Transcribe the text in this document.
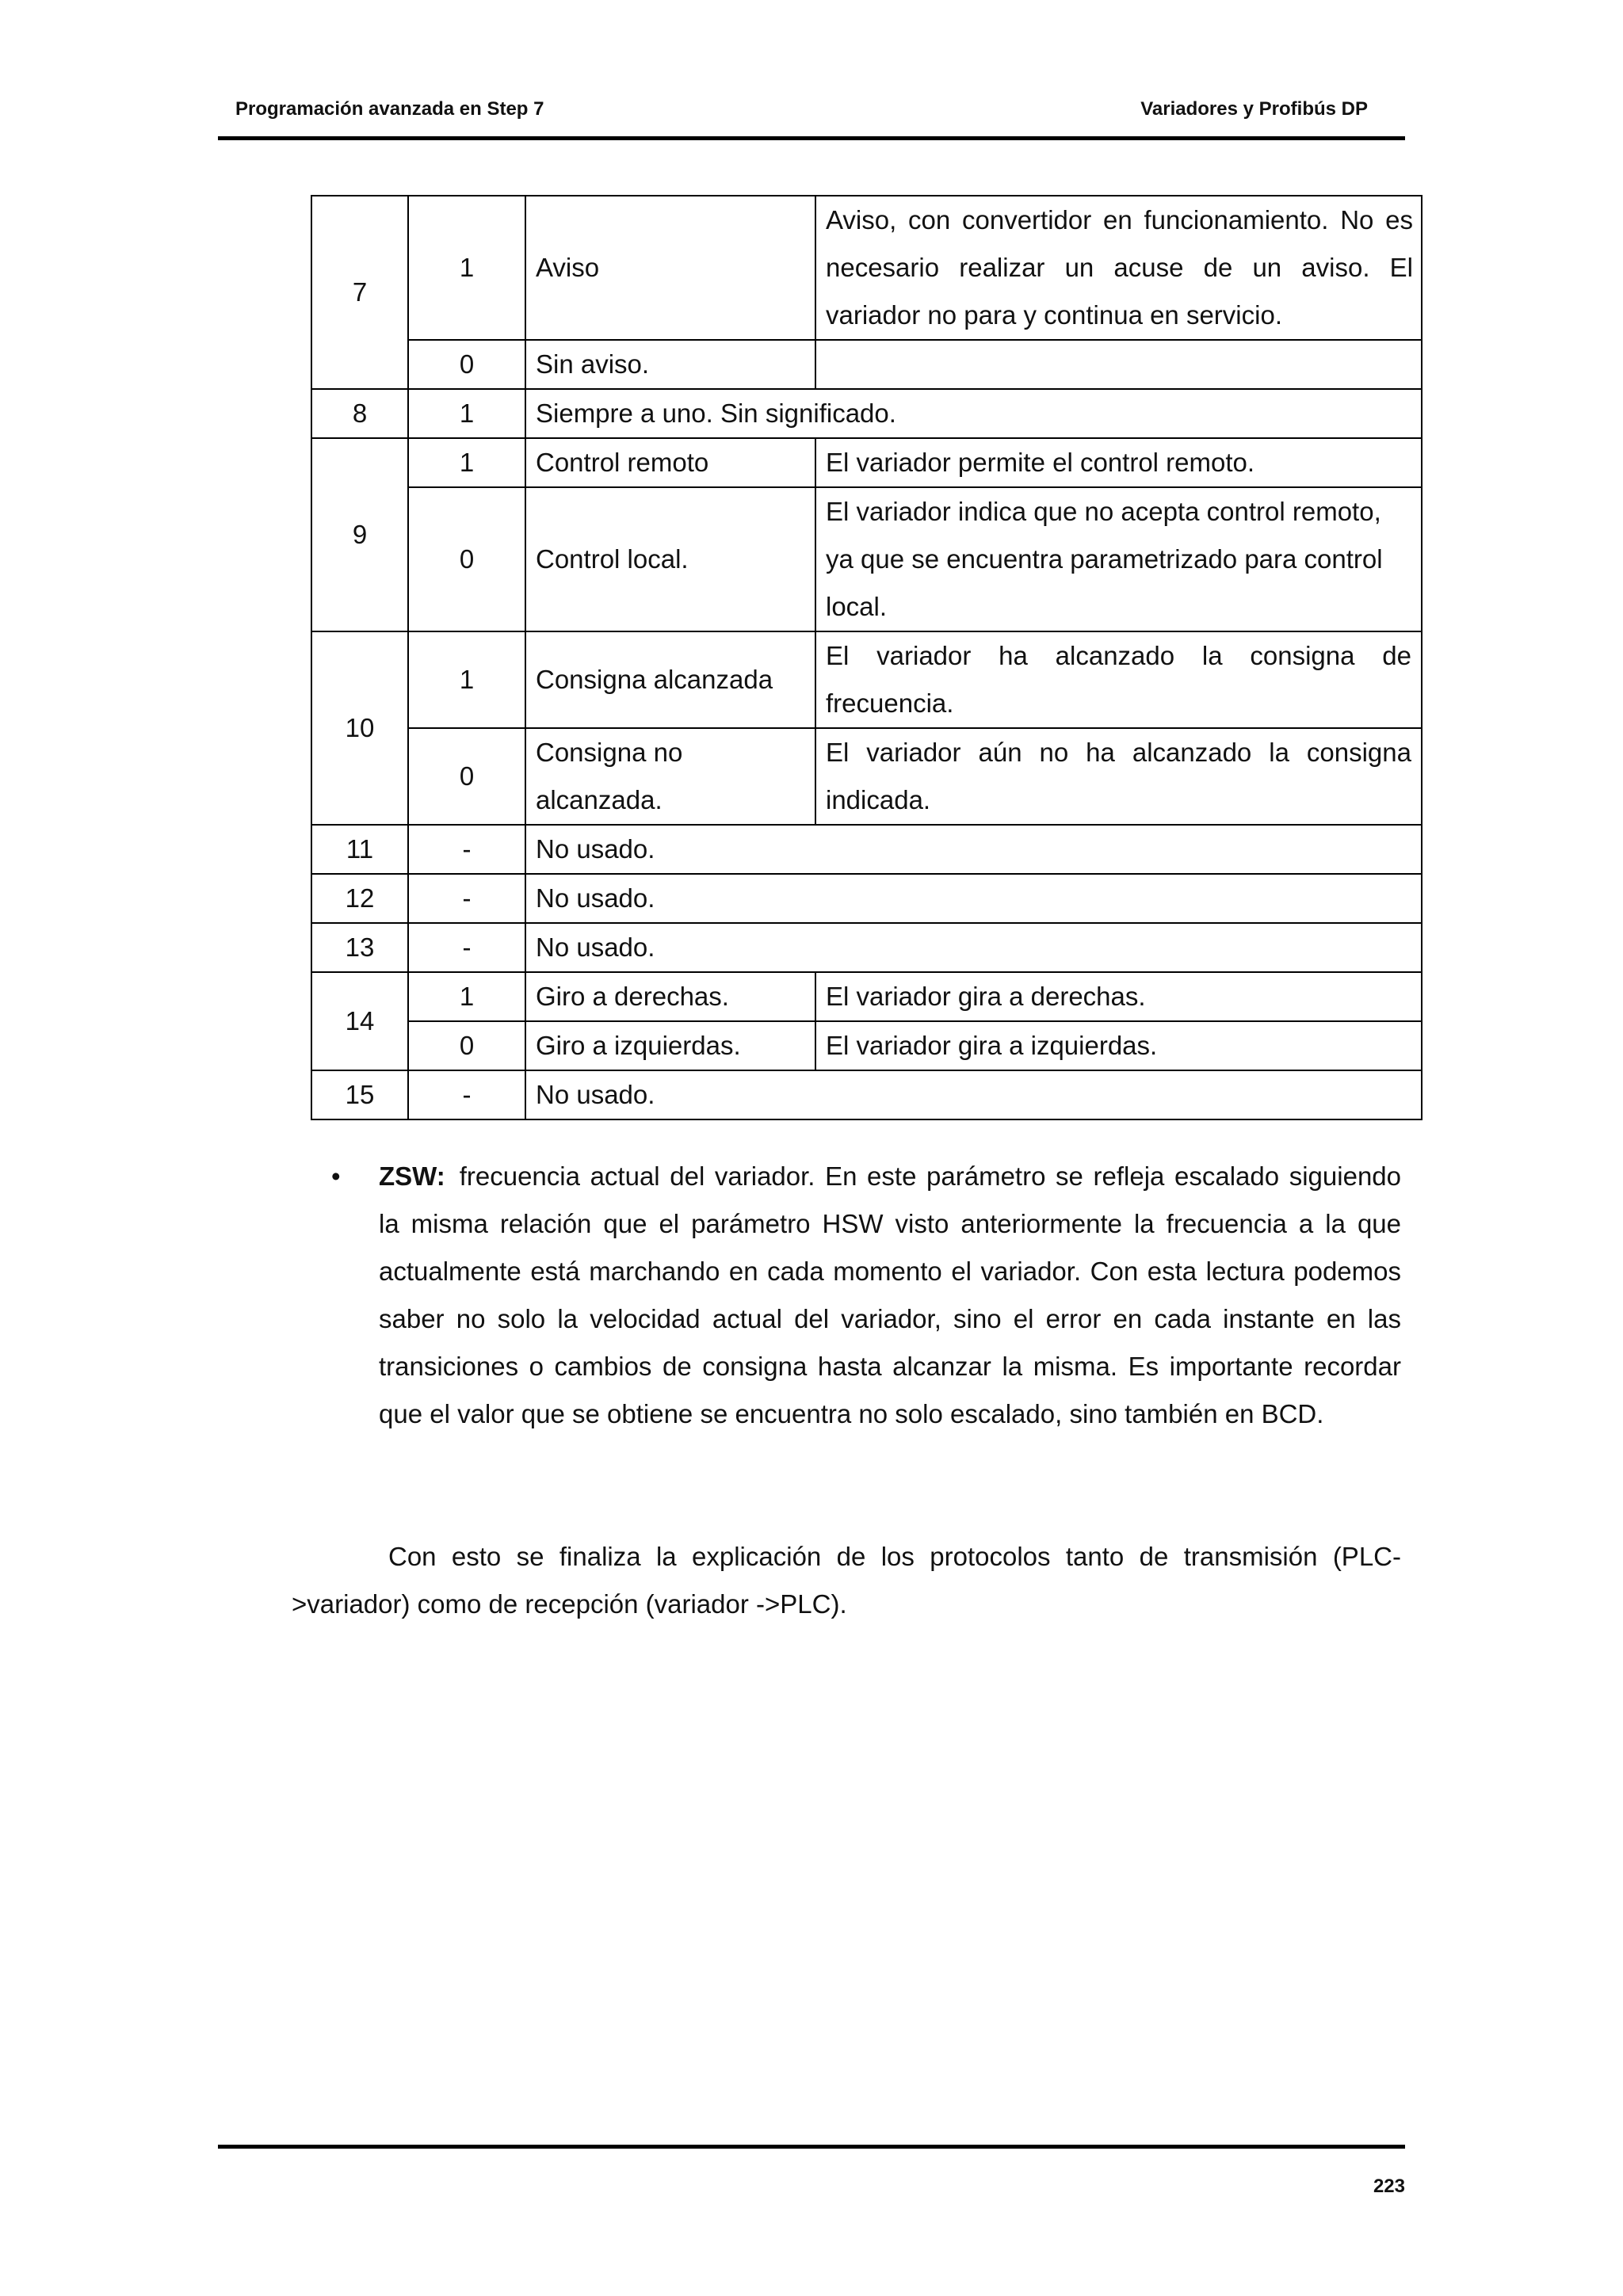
Programación avanzada en Step 7	Variadores y Profibús DP
7	1	Aviso	Aviso, con convertidor en funcionamiento. No es necesario realizar un acuse de un aviso. El variador no para y continua en servicio.
	0	Sin aviso.	
8	1	Siempre a uno. Sin significado.	
9	1	Control remoto	El variador permite el control remoto.
	0	Control local.	El variador indica que no acepta control remoto, ya que se encuentra parametrizado para control local.
10	1	Consigna alcanzada	El variador ha alcanzado la consigna de frecuencia.
	0	Consigna no alcanzada.	El variador aún no ha alcanzado la consigna indicada.
11	-	No usado.	
12	-	No usado.	
13	-	No usado.	
14	1	Giro a derechas.	El variador gira a derechas.
	0	Giro a izquierdas.	El variador gira a izquierdas.
15	-	No usado.	
• ZSW: frecuencia actual del variador. En este parámetro se refleja escalado siguiendo la misma relación que el parámetro HSW visto anteriormente la frecuencia a la que actualmente está marchando en cada momento el variador. Con esta lectura podemos saber no solo la velocidad actual del variador, sino el error en cada instante en las transiciones o cambios de consigna hasta alcanzar la misma. Es importante recordar que el valor que se obtiene se encuentra no solo escalado, sino también en BCD.
Con esto se finaliza la explicación de los protocolos tanto de transmisión (PLC->variador) como de recepción (variador ->PLC).
223
